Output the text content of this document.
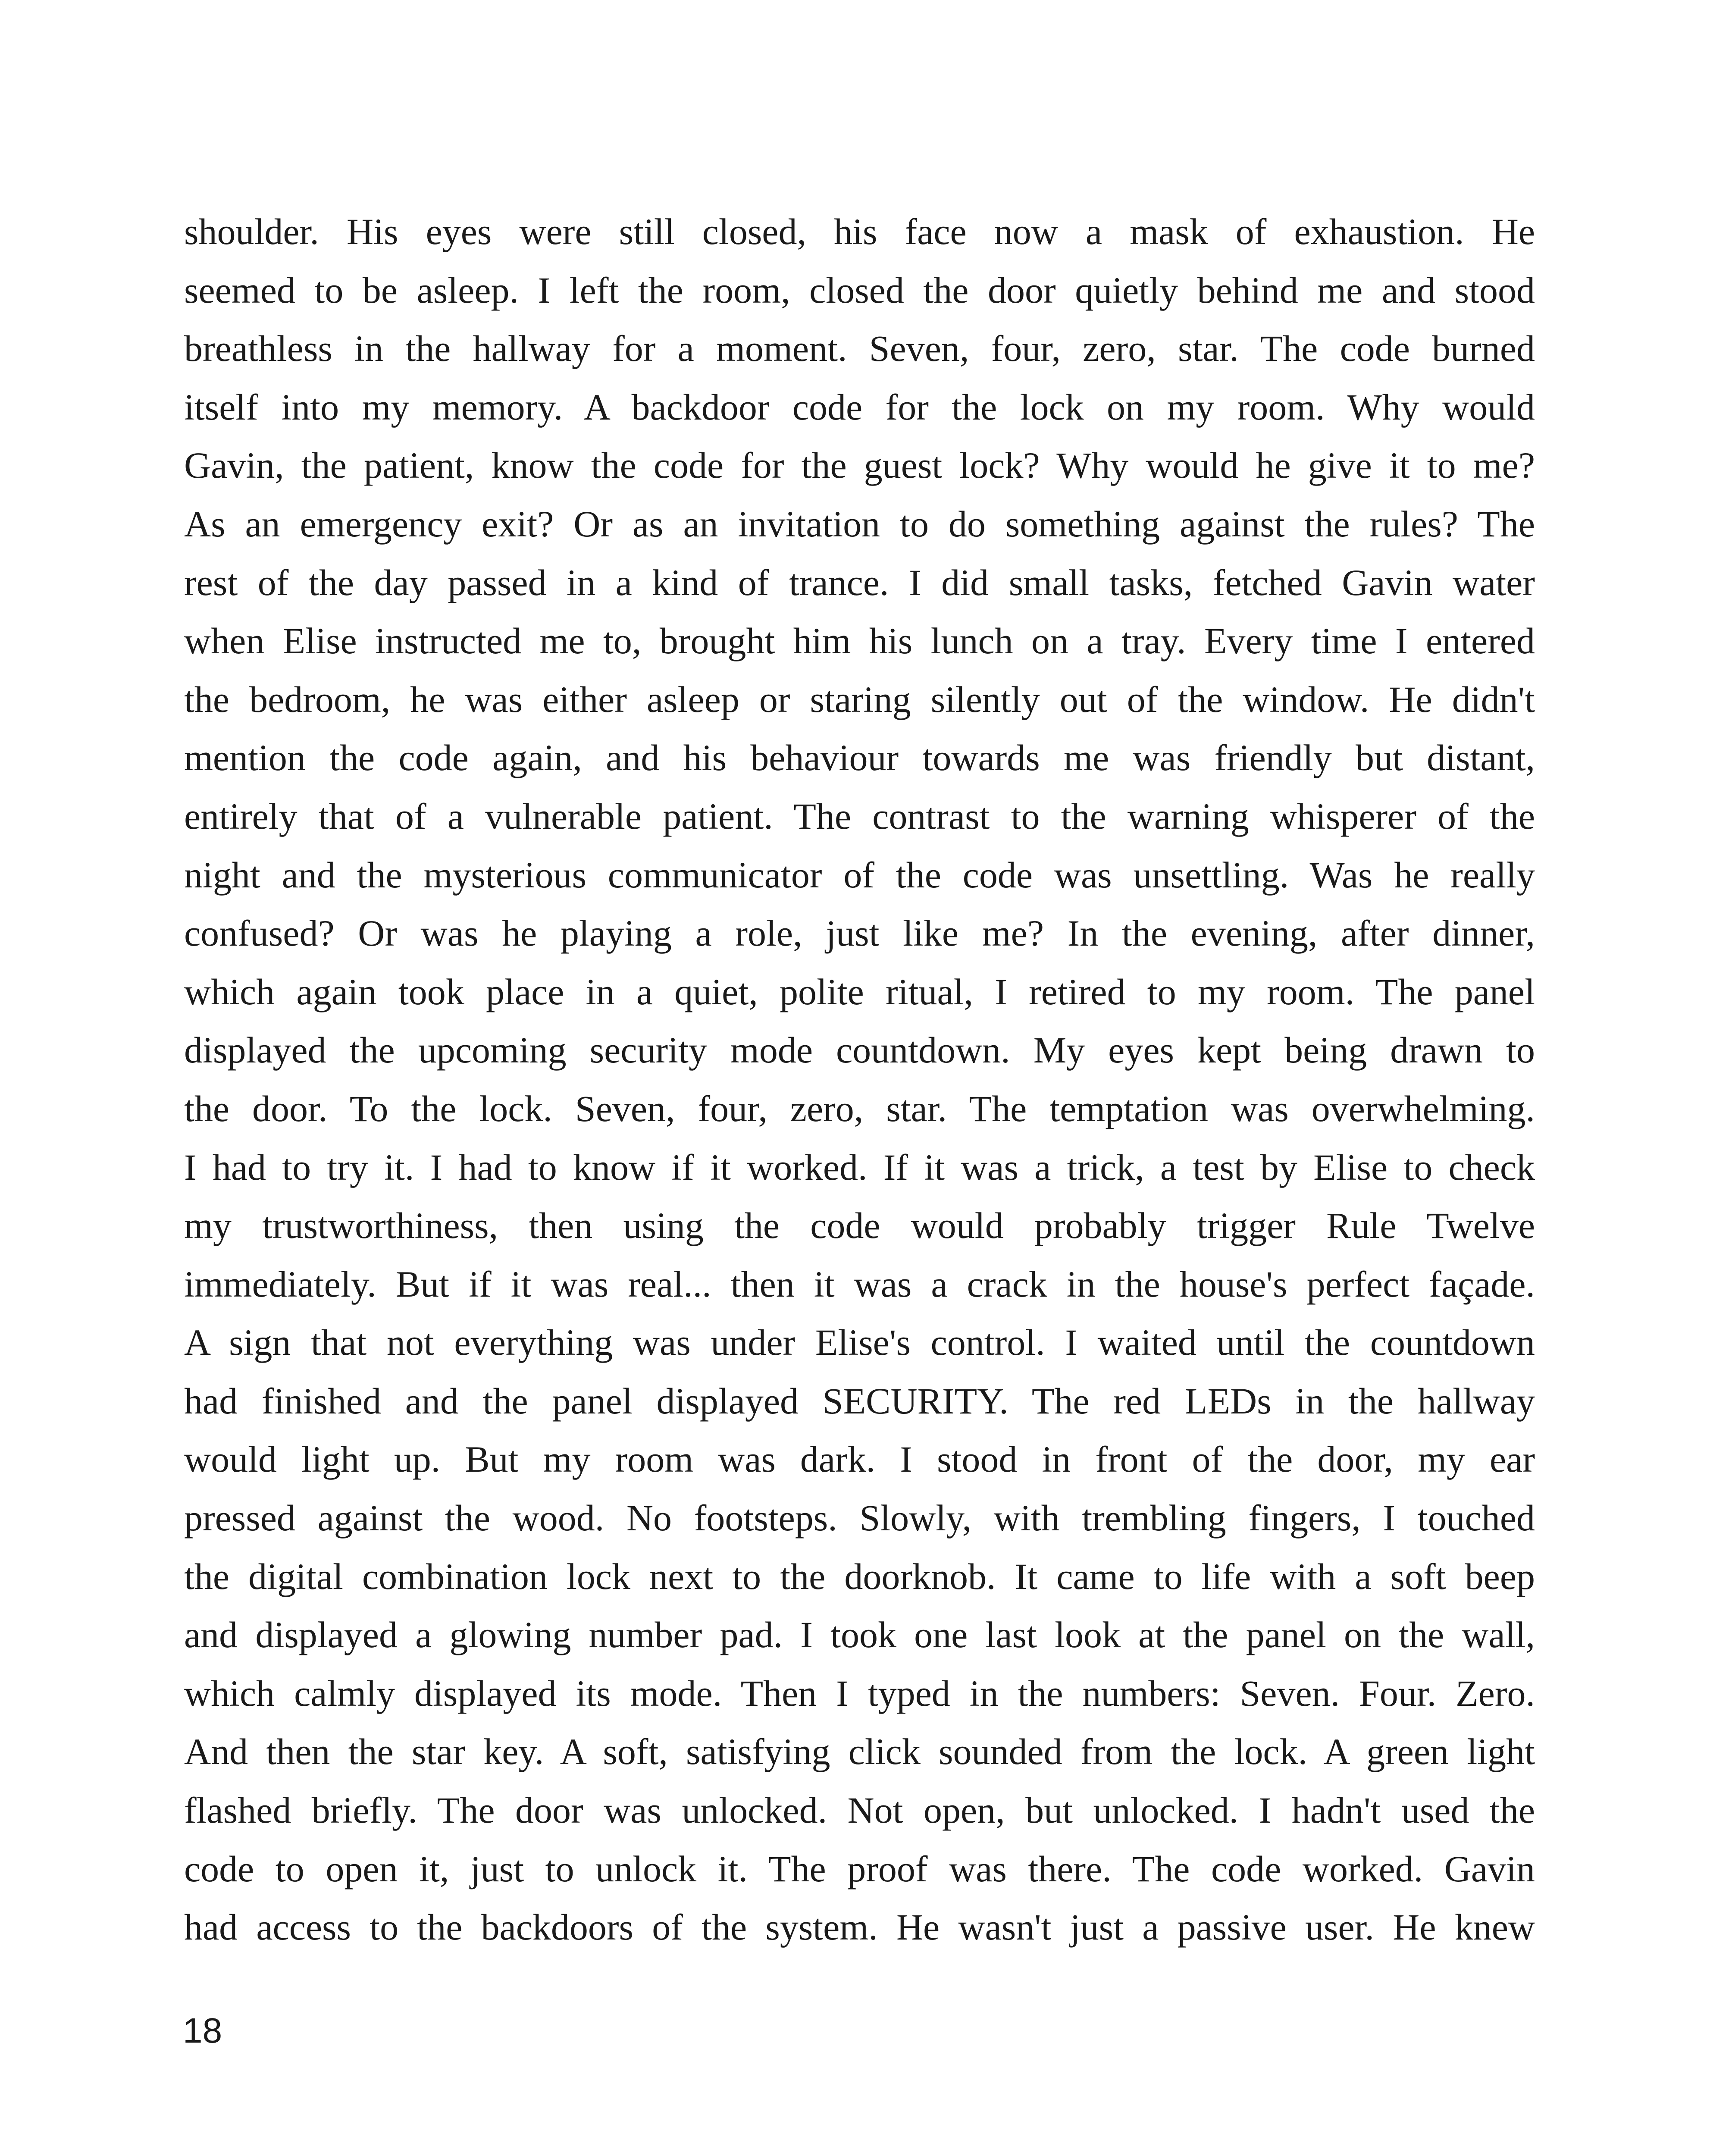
shoulder. His eyes were still closed, his face now a mask of exhaustion. He
seemed to be asleep. I left the room, closed the door quietly behind me and stood
breathless in the hallway for a moment. Seven, four, zero, star. The code burned
itself into my memory. A backdoor code for the lock on my room. Why would
Gavin, the patient, know the code for the guest lock? Why would he give it to me?
As an emergency exit? Or as an invitation to do something against the rules? The
rest of the day passed in a kind of trance. I did small tasks, fetched Gavin water
when Elise instructed me to, brought him his lunch on a tray. Every time I entered
the bedroom, he was either asleep or staring silently out of the window. He didn't
mention the code again, and his behaviour towards me was friendly but distant,
entirely that of a vulnerable patient. The contrast to the warning whisperer of the
night and the mysterious communicator of the code was unsettling. Was he really
confused? Or was he playing a role, just like me? In the evening, after dinner,
which again took place in a quiet, polite ritual, I retired to my room. The panel
displayed the upcoming security mode countdown. My eyes kept being drawn to
the door. To the lock. Seven, four, zero, star. The temptation was overwhelming.
I had to try it. I had to know if it worked. If it was a trick, a test by Elise to check
my trustworthiness, then using the code would probably trigger Rule Twelve
immediately. But if it was real... then it was a crack in the house's perfect façade.
A sign that not everything was under Elise's control. I waited until the countdown
had finished and the panel displayed SECURITY. The red LEDs in the hallway
would light up. But my room was dark. I stood in front of the door, my ear
pressed against the wood. No footsteps. Slowly, with trembling fingers, I touched
the digital combination lock next to the doorknob. It came to life with a soft beep
and displayed a glowing number pad. I took one last look at the panel on the wall,
which calmly displayed its mode. Then I typed in the numbers: Seven. Four. Zero.
And then the star key. A soft, satisfying click sounded from the lock. A green light
flashed briefly. The door was unlocked. Not open, but unlocked. I hadn't used the
code to open it, just to unlock it. The proof was there. The code worked. Gavin
had access to the backdoors of the system. He wasn't just a passive user. He knew

18
